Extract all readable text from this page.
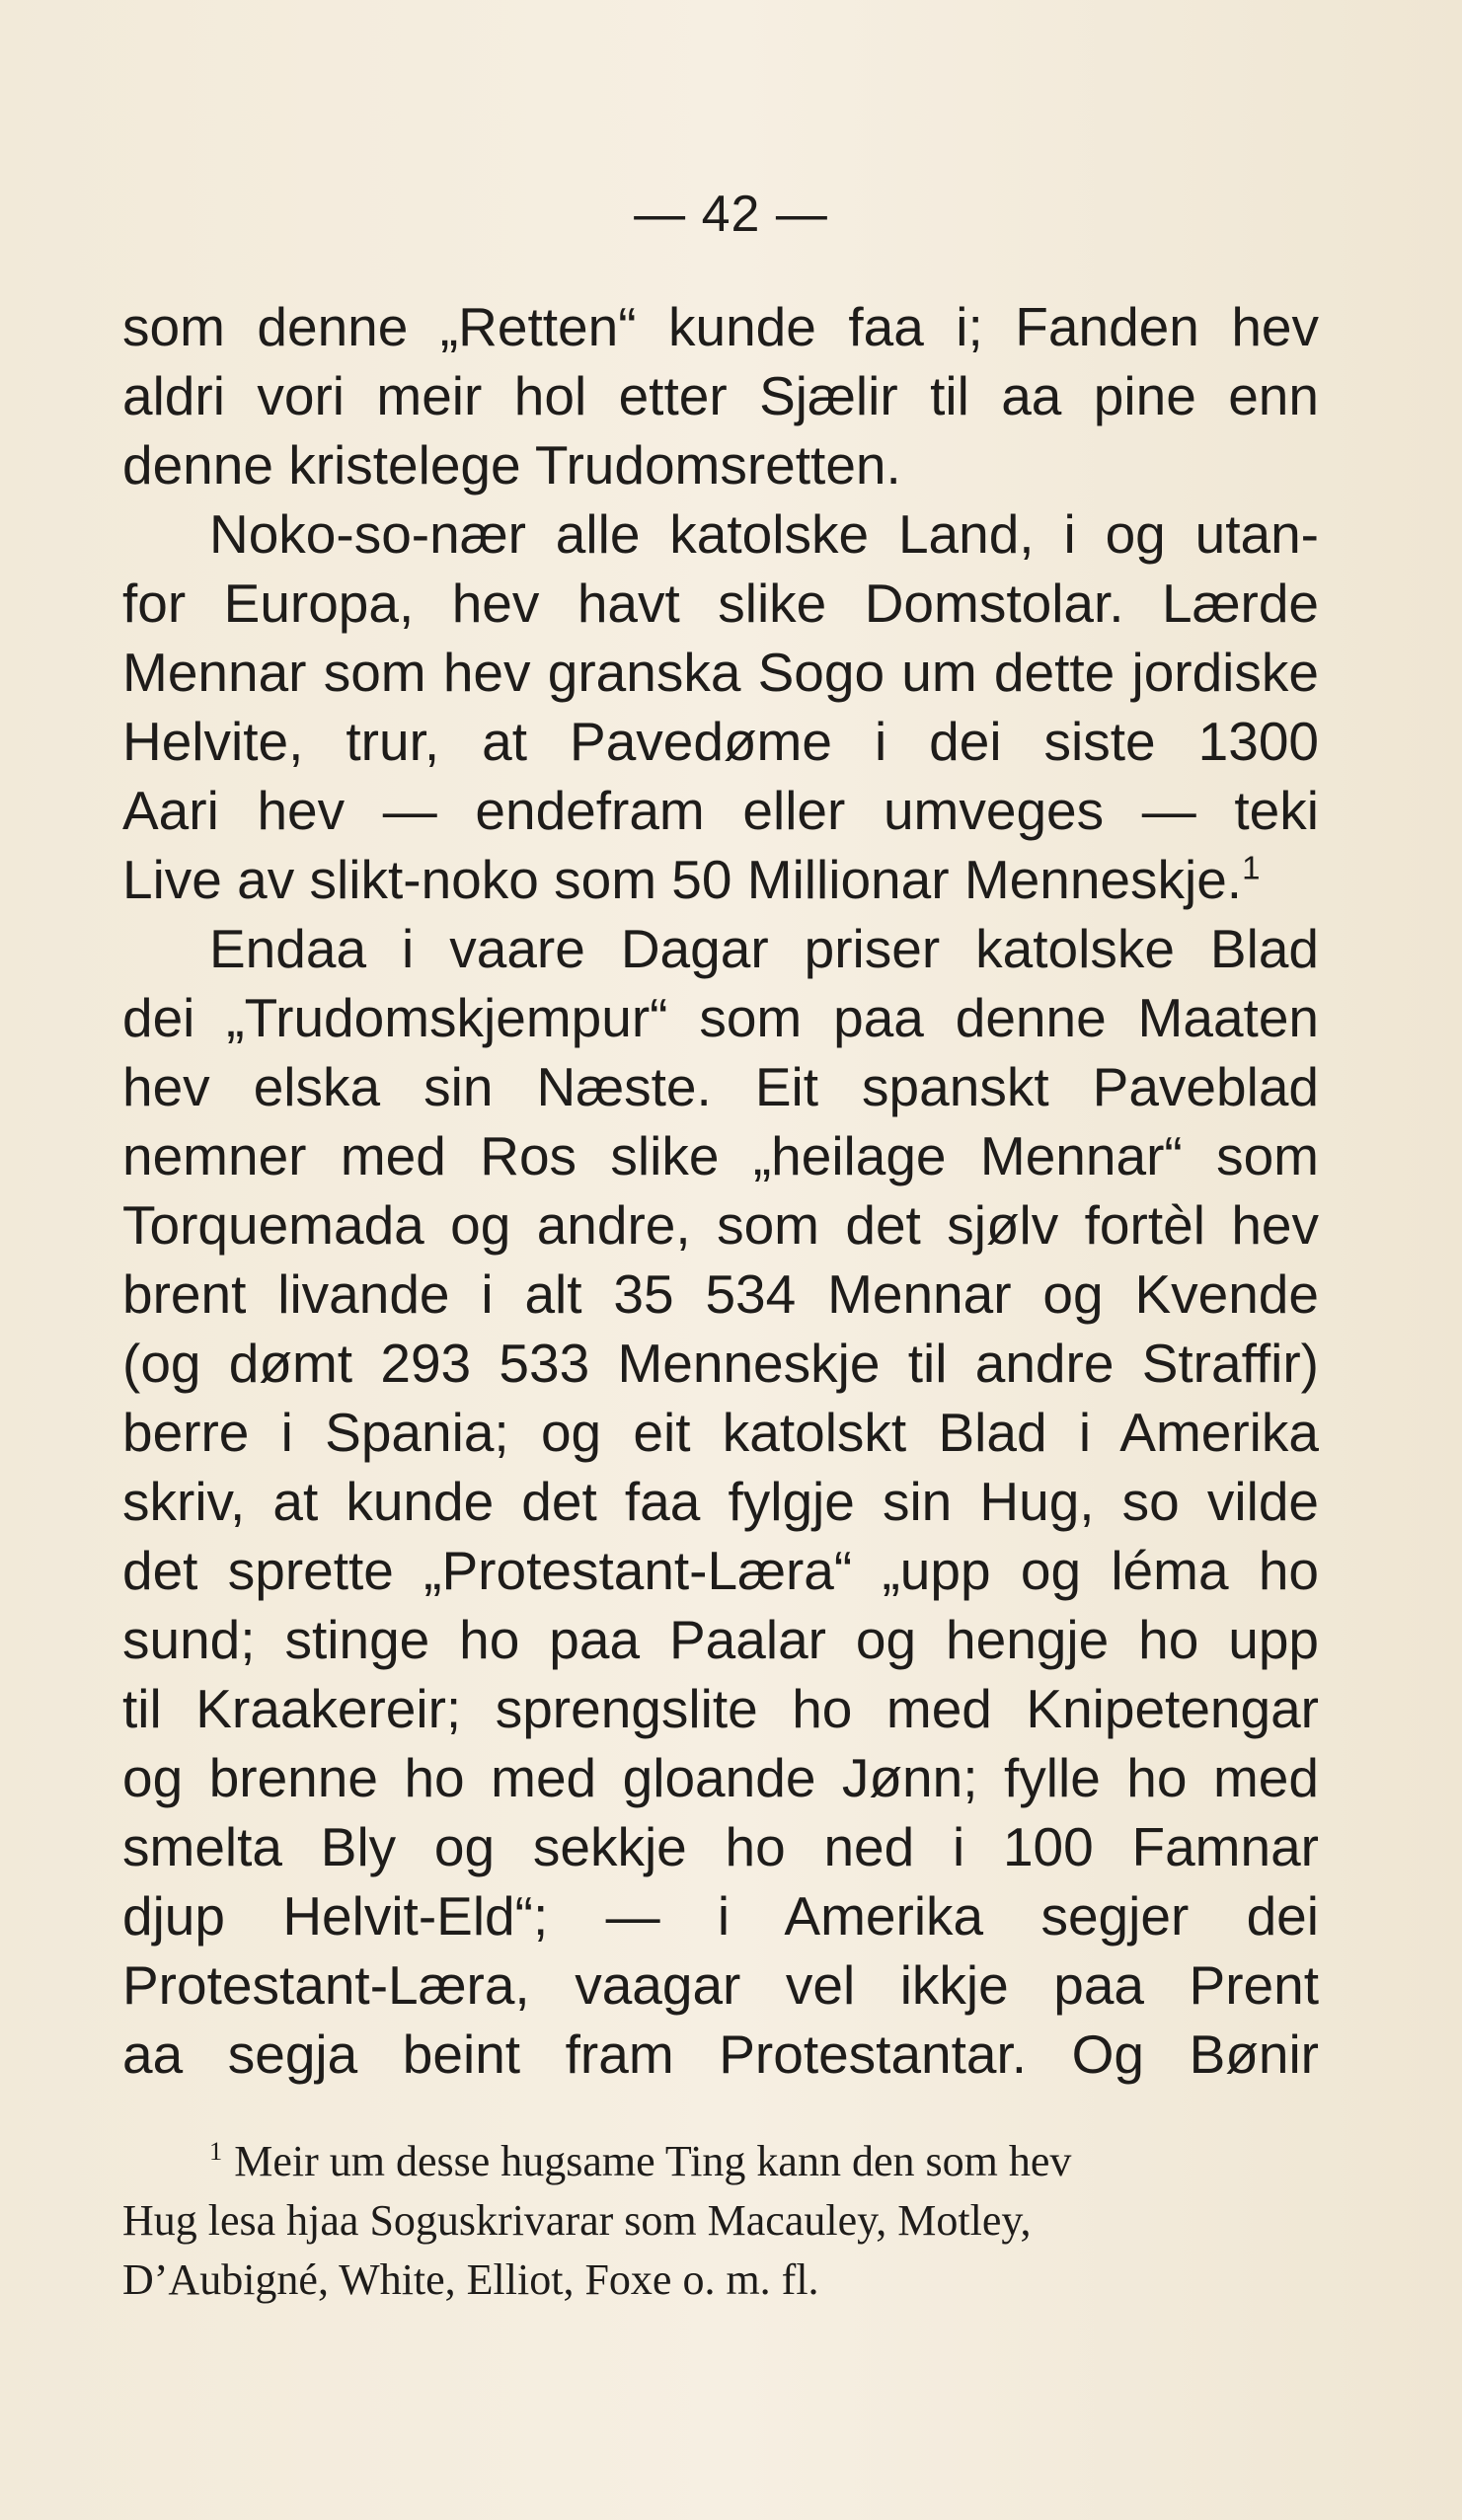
— 42 —
som denne „Retten“ kunde faa i; Fanden hev
aldri vori meir hol etter Sjælir til aa pine enn
denne kristelege Trudomsretten.
Noko-so-nær alle katolske Land, i og utan-
for Europa, hev havt slike Domstolar. Lærde
Mennar som hev granska Sogo um dette jordiske
Helvite, trur, at Pavedøme i dei siste 1300
Aari hev — endefram eller umveges — teki
Live av slikt-noko som 50 Millionar Menneskje.$^1$
Endaa i vaare Dagar priser katolske Blad
dei „Trudomskjempur“ som paa denne Maaten
hev elska sin Næste. Eit spanskt Paveblad
nemner med Ros slike „heilage Mennar“ som
Torquemada og andre, som det sjølv fortèl hev
brent livande i alt 35 534 Mennar og Kvende
(og dømt 293 533 Menneskje til andre Straffir)
berre i Spania; og eit katolskt Blad i Amerika
skriv, at kunde det faa fylgje sin Hug, so vilde
det sprette „Protestant-Læra“ „upp og léma ho
sund; stinge ho paa Paalar og hengje ho upp
til Kraakereir; sprengslite ho med Knipetengar
og brenne ho med gloande Jønn; fylle ho med
smelta Bly og sekkje ho ned i 100 Famnar
djup Helvit-Eld“; — i Amerika segjer dei
Protestant-Læra, vaagar vel ikkje paa Prent
aa segja beint fram Protestantar. Og Bønir
$^1$ Meir um desse hugsame Ting kann den som hev
Hug lesa hjaa Soguskrivarar som Macauley, Motley,
D’Aubigné, White, Elliot, Foxe o. m. fl.
